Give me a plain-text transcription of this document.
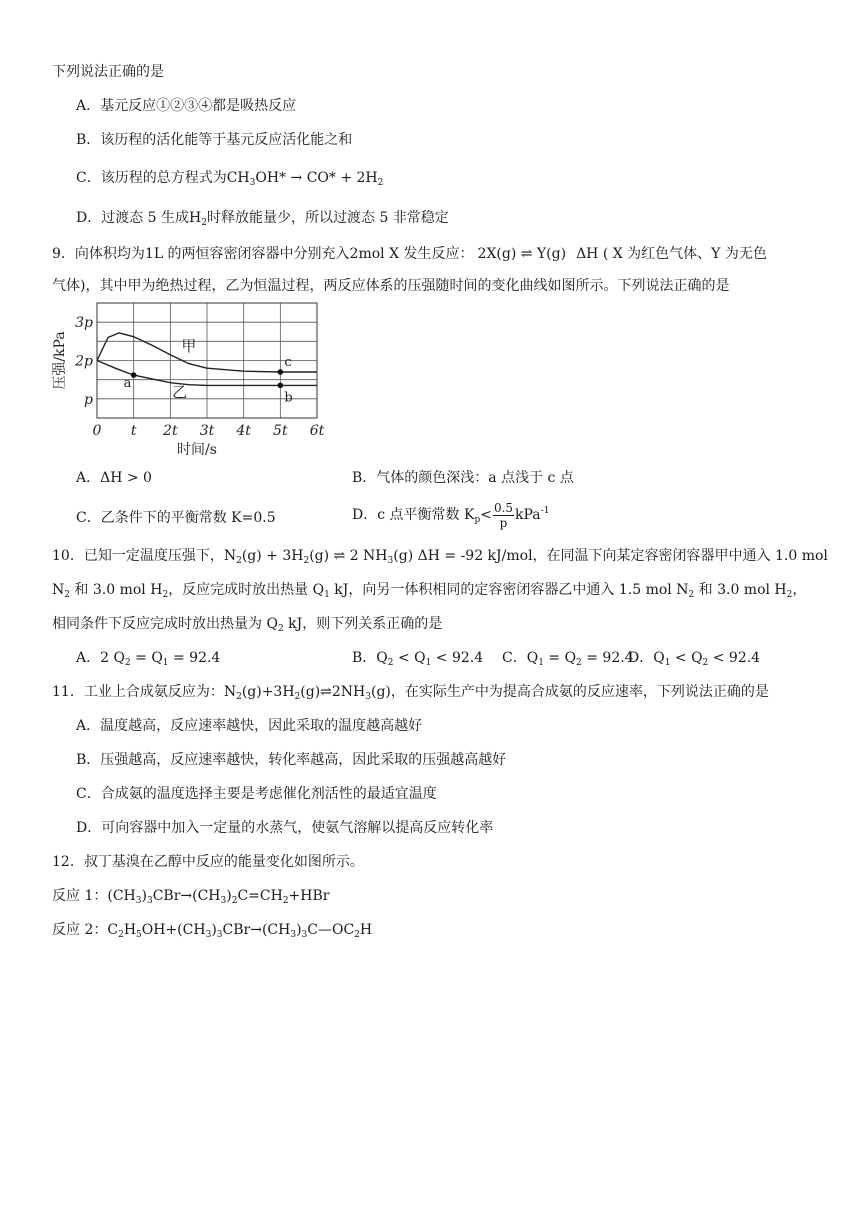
下列说法正确的是
A．基元反应①②③④都是吸热反应
B．该历程的活化能等于基元反应活化能之和
C．该历程的总方程式为$CH_3OH* \to CO* + 2H_2$
D．过渡态 5 生成$H_2$时释放能量少，所以过渡态 5 非常稳定
9．向体积均为1L 的两恒容密闭容器中分别充入2mol X 发生反应： 2X(g) ⇌ Y(g) ΔH ( X 为红色气体、Y 为无色
气体)，其中甲为绝热过程，乙为恒温过程，两反应体系的压强随时间的变化曲线如图所示。下列说法正确的是
0 t 2t 3t 4t 5t 6t
p
2p
3p
时间/s
压强/kPa	甲
乙
a
c
b
A．ΔH > 0	B．气体的颜色深浅：a 点浅于 c 点
C．乙条件下的平衡常数 K=0.5	D．c 点平衡常数 $K_p< \frac{0.5}{p} kPa^{-1}$
10．已知一定温度压强下，$N_2(g) + 3H_2(g)$ ⇌ 2 $NH_3(g) \Delta H = -92$ kJ/mol，在同温下向某定容密闭容器甲中通入 1.0 mol
$N_2$ 和 3.0 mol $H_2$，反应完成时放出热量 $Q_1$ kJ，向另一体积相同的定容密闭容器乙中通入 1.5 mol $N_2$ 和 3.0 mol $H_2$，
相同条件下反应完成时放出热量为 $Q_2$ kJ，则下列关系正确的是
A．2 $Q_2 = Q_1 = 92.4$	B．$Q_2 < Q_1 < 92.4$ C．$Q_1 = Q_2 = 92.4$
D．$Q_1 < Q_2 < 92.4$
11．工业上合成氨反应为：$N_2(g)+3H_2(g)\rightleftharpoons 2NH_3(g)$，在实际生产中为提高合成氨的反应速率，下列说法正确的是
A．温度越高，反应速率越快，因此采取的温度越高越好
B．压强越高，反应速率越快，转化率越高，因此采取的压强越高越好
C．合成氨的温度选择主要是考虑催化剂活性的最适宜温度
D．可向容器中加入一定量的水蒸气，使氨气溶解以提高反应转化率
12．叔丁基溴在乙醇中反应的能量变化如图所示。
反应 1：$(CH_3)_3CBr\to(CH_3)_2C=CH_2+HBr$
反应 2：$C_2H_5OH+(CH_3)_3CBr\to(CH_3)_3C—OC_2H$
